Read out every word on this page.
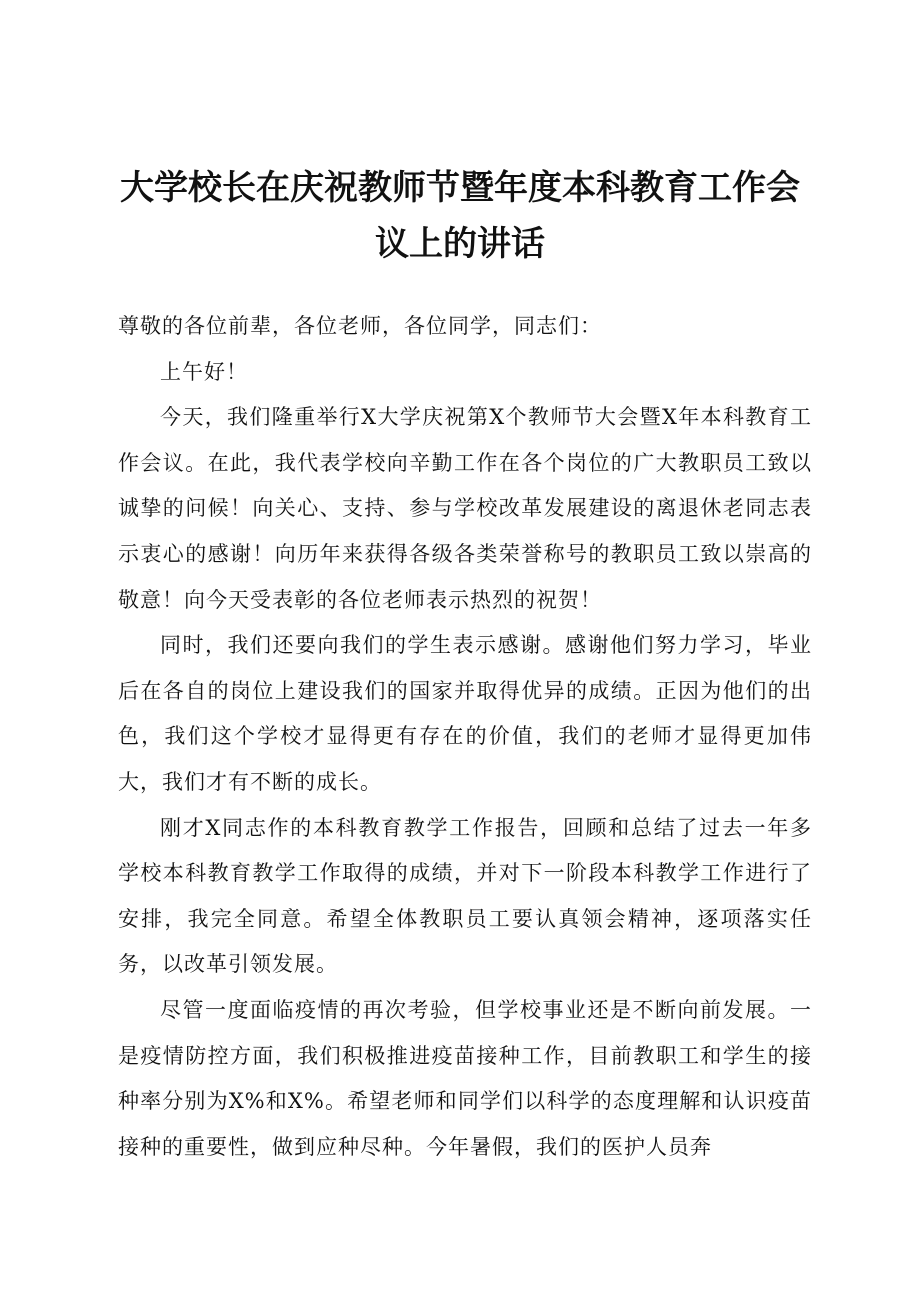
大学校长在庆祝教师节暨年度本科教育工作会议上的讲话

尊敬的各位前辈，各位老师，各位同学，同志们：

上午好！

今天，我们隆重举行X大学庆祝第X个教师节大会暨X年本科教育工作会议。在此，我代表学校向辛勤工作在各个岗位的广大教职员工致以诚挚的问候！向关心、支持、参与学校改革发展建设的离退休老同志表示衷心的感谢！向历年来获得各级各类荣誉称号的教职员工致以崇高的敬意！向今天受表彰的各位老师表示热烈的祝贺！

同时，我们还要向我们的学生表示感谢。感谢他们努力学习，毕业后在各自的岗位上建设我们的国家并取得优异的成绩。正因为他们的出色，我们这个学校才显得更有存在的价值，我们的老师才显得更加伟大，我们才有不断的成长。

刚才X同志作的本科教育教学工作报告，回顾和总结了过去一年多学校本科教育教学工作取得的成绩，并对下一阶段本科教学工作进行了安排，我完全同意。希望全体教职员工要认真领会精神，逐项落实任务，以改革引领发展。

尽管一度面临疫情的再次考验，但学校事业还是不断向前发展。一是疫情防控方面，我们积极推进疫苗接种工作，目前教职工和学生的接种率分别为X%和X%。希望老师和同学们以科学的态度理解和认识疫苗接种的重要性，做到应种尽种。今年暑假，我们的医护人员奔
